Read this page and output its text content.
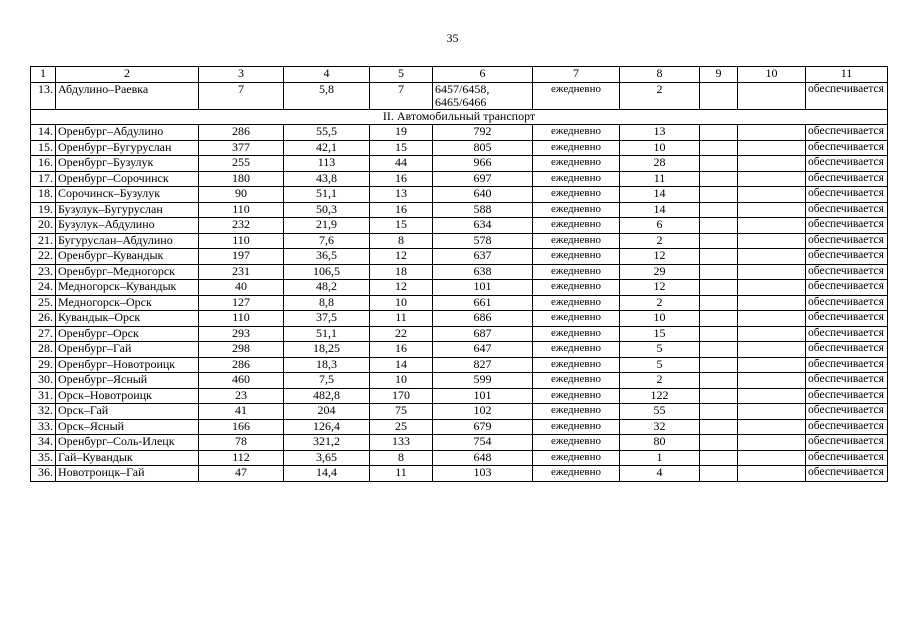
35
1	2	3	4	5	6	7	8	9	10	11
13.	Абдулино–Раевка	7	5,8	7	6457/6458,
6465/6466	ежедневно	2			обеспечивается
II. Автомобильный транспорт										
14.	Оренбург–Абдулино	286	55,5	19	792	ежедневно	13			обеспечивается
15.	Оренбург–Бугуруслан	377	42,1	15	805	ежедневно	10			обеспечивается
16.	Оренбург–Бузулук	255	113	44	966	ежедневно	28			обеспечивается
17.	Оренбург–Сорочинск	180	43,8	16	697	ежедневно	11			обеспечивается
18.	Сорочинск–Бузулук	90	51,1	13	640	ежедневно	14			обеспечивается
19.	Бузулук–Бугуруслан	110	50,3	16	588	ежедневно	14			обеспечивается
20.	Бузулук–Абдулино	232	21,9	15	634	ежедневно	6			обеспечивается
21.	Бугуруслан–Абдулино	110	7,6	8	578	ежедневно	2			обеспечивается
22.	Оренбург–Кувандык	197	36,5	12	637	ежедневно	12			обеспечивается
23.	Оренбург–Медногорск	231	106,5	18	638	ежедневно	29			обеспечивается
24.	Медногорск–Кувандык	40	48,2	12	101	ежедневно	12			обеспечивается
25.	Медногорск–Орск	127	8,8	10	661	ежедневно	2			обеспечивается
26.	Кувандык–Орск	110	37,5	11	686	ежедневно	10			обеспечивается
27.	Оренбург–Орск	293	51,1	22	687	ежедневно	15			обеспечивается
28.	Оренбург–Гай	298	18,25	16	647	ежедневно	5			обеспечивается
29.	Оренбург–Новотроицк	286	18,3	14	827	ежедневно	5			обеспечивается
30.	Оренбург–Ясный	460	7,5	10	599	ежедневно	2			обеспечивается
31.	Орск–Новотроицк	23	482,8	170	101	ежедневно	122			обеспечивается
32.	Орск–Гай	41	204	75	102	ежедневно	55			обеспечивается
33.	Орск–Ясный	166	126,4	25	679	ежедневно	32			обеспечивается
34.	Оренбург–Соль-Илецк	78	321,2	133	754	ежедневно	80			обеспечивается
35.	Гай–Кувандык	112	3,65	8	648	ежедневно	1			обеспечивается
36.	Новотроицк–Гай	47	14,4	11	103	ежедневно	4			обеспечивается
